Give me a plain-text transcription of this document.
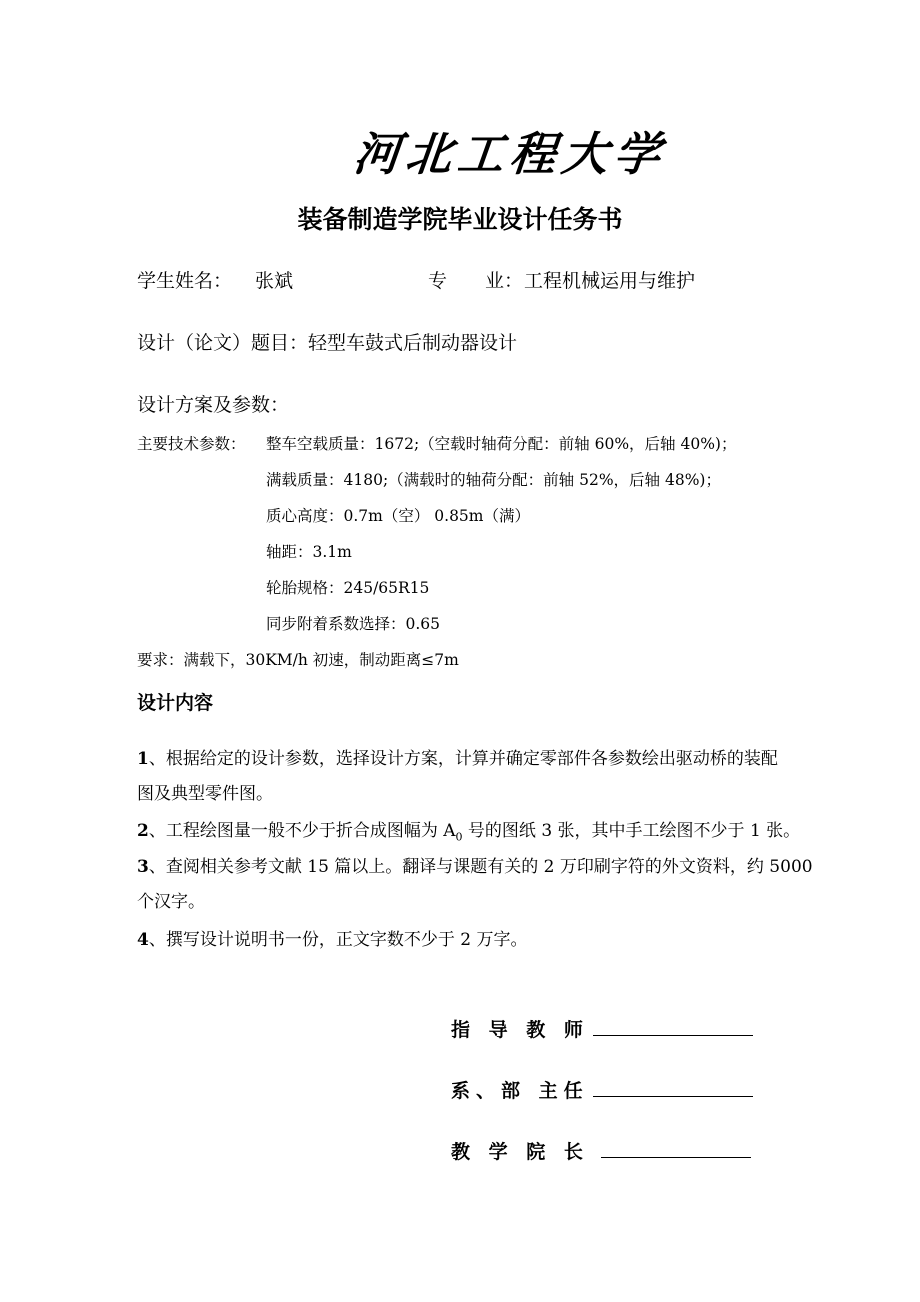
河北工程大学
装备制造学院毕业设计任务书
学生姓名： 张斌	专　　业： 工程机械运用与维护
设计（论文）题目：轻型车鼓式后制动器设计
设计方案及参数：
主要技术参数： 整车空载质量：1672;（空载时轴荷分配：前轴 60%，后轴 40%)；
满载质量：4180;（满载时的轴荷分配：前轴 52%，后轴 48%)；
质心高度：0.7m（空） 0.85m（满）
轴距：3.1m
轮胎规格：245/65R15
同步附着系数选择：0.65
要求：满载下，30KM/h 初速，制动距离≤7m
设计内容
1、根据给定的设计参数，选择设计方案，计算并确定零部件各参数绘出驱动桥的装配
图及典型零件图。
2、工程绘图量一般不少于折合成图幅为 $A_0$ 号的图纸 3 张，其中手工绘图不少于 1 张。
3、查阅相关参考文献 15 篇以上。翻译与课题有关的 2 万印刷字符的外文资料，约 5000
个汉字。
4、撰写设计说明书一份，正文字数不少于 2 万字。
指 导 教 师
系、部 主任
教 学 院 长
